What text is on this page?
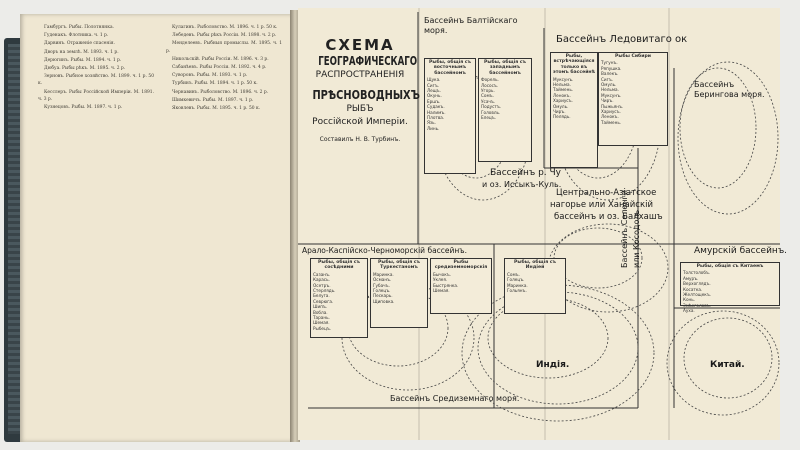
Гамбургъ. Рыбы. Полотнянка.

Гуденакъ. Флотника. ч. 1 р.

Дарвинъ. Отраженіе спасенія.

Дворъ на землѣ. М. 1893. ч. 1 р.

Дерюгинъ. Рыбы. М. 1894. ч. 1 р.

Дюбуа. Рыбы рѣкъ. М. 1895. ч. 2 р.

Зерновъ. Рыбное хозяйство. М. 1899. ч. 1 р. 50 к.

Кесслеръ. Рыбы Россійской Имперіи. М. 1891. ч. 3 р.

Кузнецовъ. Рыбы. М. 1897. ч. 1 р.

Кулагинъ. Рыболовство. М. 1896. ч. 1 р. 50 к.

Лебедевъ. Рыбы рѣкъ Россіи. М. 1898. ч. 2 р.

Менделеевъ. Рыбныя промыслы. М. 1895. ч. 1 р.

Никольскій. Рыбы Россіи. М. 1896. ч. 3 р.

Сабанѣевъ. Рыбы Россіи. М. 1892. ч. 4 р.

Суворовъ. Рыбы. М. 1893. ч. 1 р.

Турбинъ. Рыбы. М. 1894. ч. 1 р. 50 к.

Чернавинъ. Рыболовство. М. 1896. ч. 2 р.

Шимкевичъ. Рыбы. М. 1897. ч. 1 р.

Яковлевъ. Рыбы. М. 1895. ч. 1 р. 50 к.

СХЕМА
ГЕОГРАФИЧЕСКАГО
РАСПРОСТРАНЕНІЯ
ПРѢСНОВОДНЫХЪ
РЫБЪ
Россійской Имперіи.
Составилъ Н. В. Турбинъ.
Бассейнъ Балтійскаго моря.
Бассейнъ Ледовитаго ок
Бассейнъ Берингова моря.
Центрально-Азіатское
нагорье или Ханайскій
бассейнъ и оз. Балхашъ
Бассейнъ р. Чу
и оз. Иссыкъ-Куль.
Арало-Каспійско-Черноморскій бассейнъ.	Амурскій бассейнъ.
Китай.
Индія.
Бассейнъ Средиземнаго моря.
Бассейнъ Селенги или Косодоль
Рыбы, общія съ восточнымъ бассейномъ
Щука.
Сигъ.
Лещъ.
Окунь.
Ершъ.
Судакъ.
Налимъ.
Плотва.
Язь.
Линь.
Рыбы, общія съ западнымъ бассейномъ
Форель.
Лососъ.
Угорь.
Сомъ.
Усачъ.
Подустъ.
Головль.
Елецъ.
Рыбы, встрѣчающіяся только въ этомъ бассейнѣ
Муксунъ.
Нельма.
Таймень.
Ленокъ.
Хариусъ.
Омуль.
Чиръ.
Пелядь.
Рыбы Сибири
Тугунъ.
Ряпушка.
Валекъ.
Сигъ.
Омуль.
Нельма.
Муксунъ.
Чиръ.
Пыжьянъ.
Хариусъ.
Ленокъ.
Таймень.
Рыбы, общія съ сосѣдними
Сазанъ.
Карась.
Осетръ.
Стерлядь.
Белуга.
Севрюга.
Шипъ.
Вобла.
Тарань.
Шемая.
Рыбецъ.
Рыбы, общія съ Туркестаномъ
Маринка.
Османъ.
Губачъ.
Голецъ.
Пескарь.
Щиповка.
Рыбы, общія съ Китаемъ
Толстолобъ.
Амуръ.
Верхоглядъ.
Косатка.
Желтощекъ.
Конь.
Змѣеголовъ.
Ауха.
Рыбы, общія съ Индіей
Сомъ.
Голецъ.
Маринка.
Гольянъ.
Рыбы средиземноморскія
Бычокъ.
Уклея.
Быстрянка.
Шемая.
